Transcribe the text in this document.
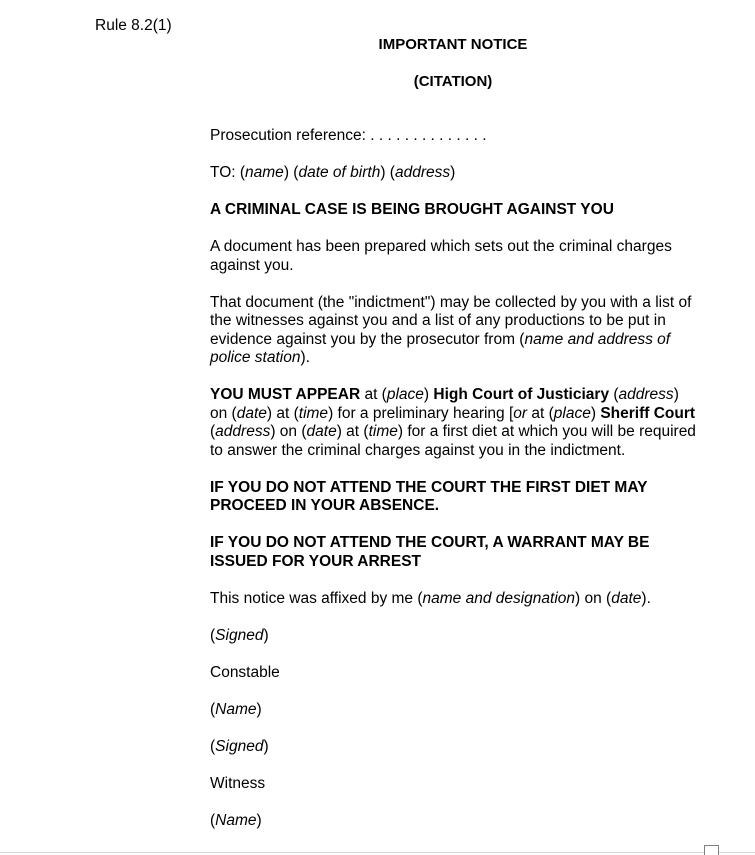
Rule 8.2(1)
IMPORTANT NOTICE
(CITATION)

Prosecution reference: . . . . . . . . . . . . . .

TO: (name) (date of birth) (address)

A CRIMINAL CASE IS BEING BROUGHT AGAINST YOU

A document has been prepared which sets out the criminal charges against you.

That document (the "indictment") may be collected by you with a list of the witnesses against you and a list of any productions to be put in evidence against you by the prosecutor from (name and address of police station).

YOU MUST APPEAR at (place) High Court of Justiciary (address) on (date) at (time) for a preliminary hearing [or at (place) Sheriff Court (address) on (date) at (time) for a first diet at which you will be required to answer the criminal charges against you in the indictment.

IF YOU DO NOT ATTEND THE COURT THE FIRST DIET MAY PROCEED IN YOUR ABSENCE.

IF YOU DO NOT ATTEND THE COURT, A WARRANT MAY BE ISSUED FOR YOUR ARREST

This notice was affixed by me (name and designation) on (date).

(Signed)

Constable

(Name)

(Signed)

Witness

(Name)
